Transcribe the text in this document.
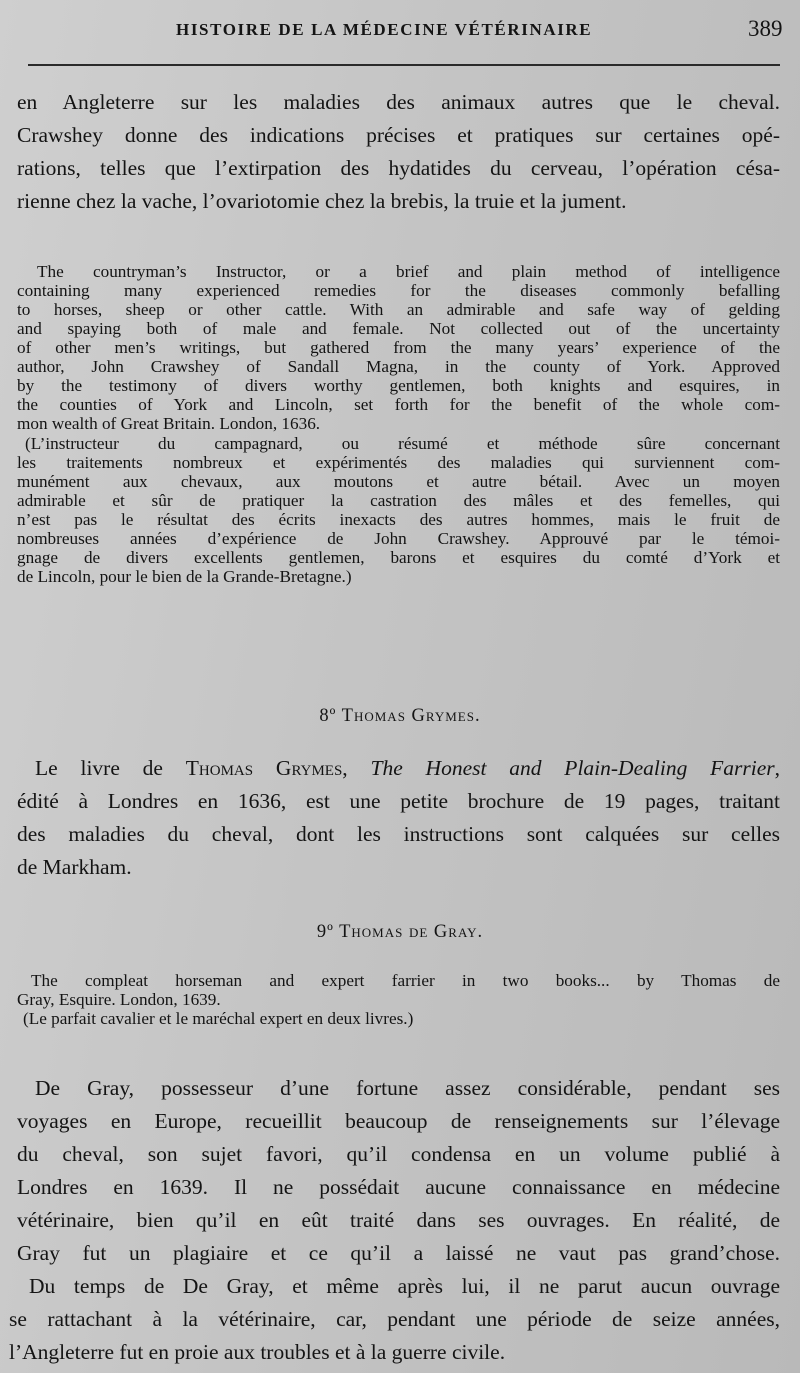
HISTOIRE DE LA MÉDECINE VÉTÉRINAIRE	389
en Angleterre sur les maladies des animaux autres que le cheval.
Crawshey donne des indications précises et pratiques sur certaines opé-
rations, telles que l’extirpation des hydatides du cerveau, l’opération césa-
rienne chez la vache, l’ovariotomie chez la brebis, la truie et la jument.
The countryman’s Instructor, or a brief and plain method of intelligence
containing many experienced remedies for the diseases commonly befalling
to horses, sheep or other cattle. With an admirable and safe way of gelding
and spaying both of male and female. Not collected out of the uncertainty
of other men’s writings, but gathered from the many years’ experience of the
author, John Crawshey of Sandall Magna, in the county of York. Approved
by the testimony of divers worthy gentlemen, both knights and esquires, in
the counties of York and Lincoln, set forth for the benefit of the whole com-
mon wealth of Great Britain. London, 1636.
(L’instructeur du campagnard, ou résumé et méthode sûre concernant
les traitements nombreux et expérimentés des maladies qui surviennent com-
munément aux chevaux, aux moutons et autre bétail. Avec un moyen
admirable et sûr de pratiquer la castration des mâles et des femelles, qui
n’est pas le résultat des écrits inexacts des autres hommes, mais le fruit de
nombreuses années d’expérience de John Crawshey. Approuvé par le témoi-
gnage de divers excellents gentlemen, barons et esquires du comté d’York et
de Lincoln, pour le bien de la Grande-Bretagne.)
8º Thomas Grymes.
Le livre de Thomas Grymes, The Honest and Plain-Dealing Farrier,
édité à Londres en 1636, est une petite brochure de 19 pages, traitant
des maladies du cheval, dont les instructions sont calquées sur celles
de Markham.
9º Thomas de Gray.
The compleat horseman and expert farrier in two books... by Thomas de
Gray, Esquire. London, 1639.
(Le parfait cavalier et le maréchal expert en deux livres.)
De Gray, possesseur d’une fortune assez considérable, pendant ses
voyages en Europe, recueillit beaucoup de renseignements sur l’élevage
du cheval, son sujet favori, qu’il condensa en un volume publié à
Londres en 1639. Il ne possédait aucune connaissance en médecine
vétérinaire, bien qu’il en eût traité dans ses ouvrages. En réalité, de
Gray fut un plagiaire et ce qu’il a laissé ne vaut pas grand’chose.
Du temps de De Gray, et même après lui, il ne parut aucun ouvrage
se rattachant à la vétérinaire, car, pendant une période de seize années,
l’Angleterre fut en proie aux troubles et à la guerre civile.
